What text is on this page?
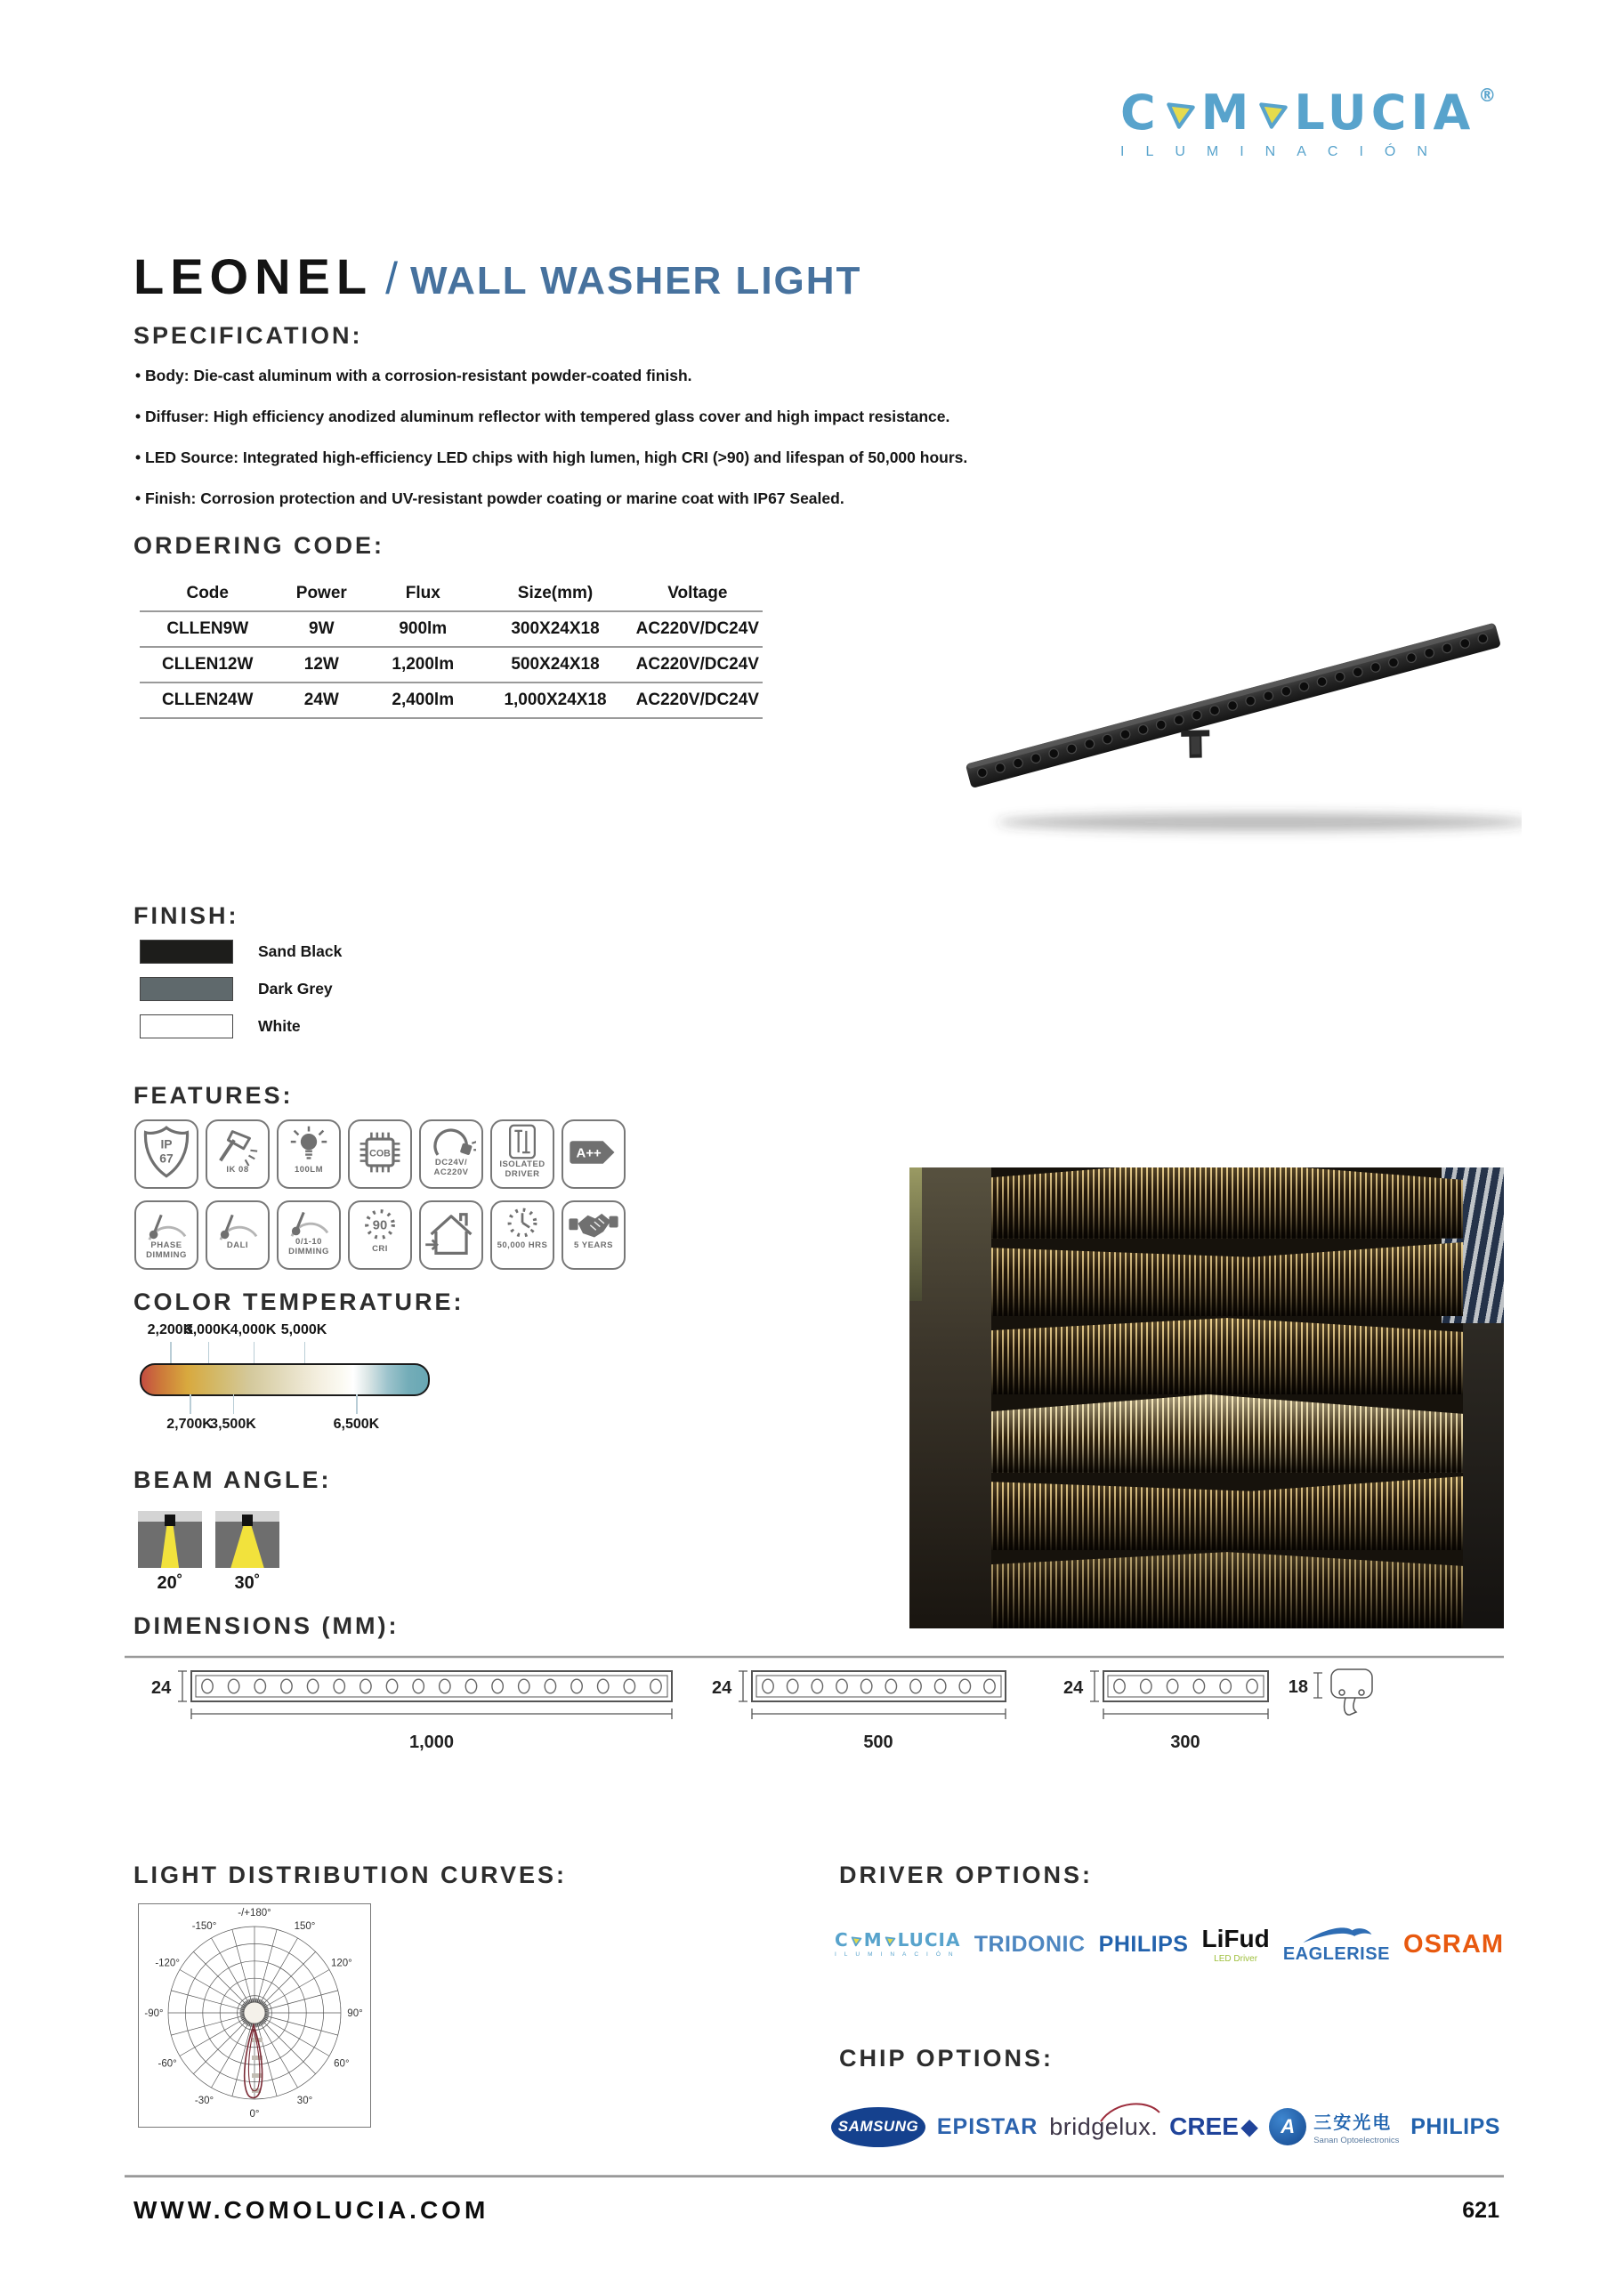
C M LUCIA ®
ILUMINACIÓN
LEONEL / WALL WASHER LIGHT
SPECIFICATION:
• Body: Die-cast aluminum with a corrosion-resistant powder-coated finish.
• Diffuser: High efficiency anodized aluminum reflector with tempered glass cover and high impact resistance.
• LED Source: Integrated high-efficiency LED chips with high lumen, high CRI (>90) and lifespan of 50,000 hours.
• Finish: Corrosion protection and UV-resistant powder coating or marine coat with IP67 Sealed.
ORDERING CODE:
Code	Power	Flux	Size(mm)	Voltage
CLLEN9W	9W	900lm	300X24X18	AC220V/DC24V
CLLEN12W	12W	1,200lm	500X24X18	AC220V/DC24V
CLLEN24W	24W	2,400lm	1,000X24X18	AC220V/DC24V
FINISH:
Sand Black
Dark Grey
White
FEATURES:
IP
67
IK 08	100LM
COB
DC24V/ AC220V
ISOLATED DRIVER
A++
PHASE DIMMING
DALI	0/1-10 DIMMING
90
CRI	50,000 HRS	5 YEARS
COLOR TEMPERATURE:
2,200K
3,000K 4,000K 5,000K
2,700K
3,500K	6,500K
BEAM ANGLE:
20˚	30˚
DIMENSIONS (MM):
24	24	24
1,000	500	300
18
LIGHT DISTRIBUTION CURVES:
-/+180°
150°
-150°
120°
-120°
90°
-90°
60°
-60°
30°
-30°
0°
DRIVER OPTIONS:
C M LUCIA
ILUMINACIÓN TRIDONIC PHILIPS LiFud
LED Driver EAGLERISE OSRAM
CHIP OPTIONS:
SAMSUNG EPISTAR bridgelux. CREE ◆	A	三安光电
Sanan Optoelectronics
PHILIPS
WWW.COMOLUCIA.COM	621
